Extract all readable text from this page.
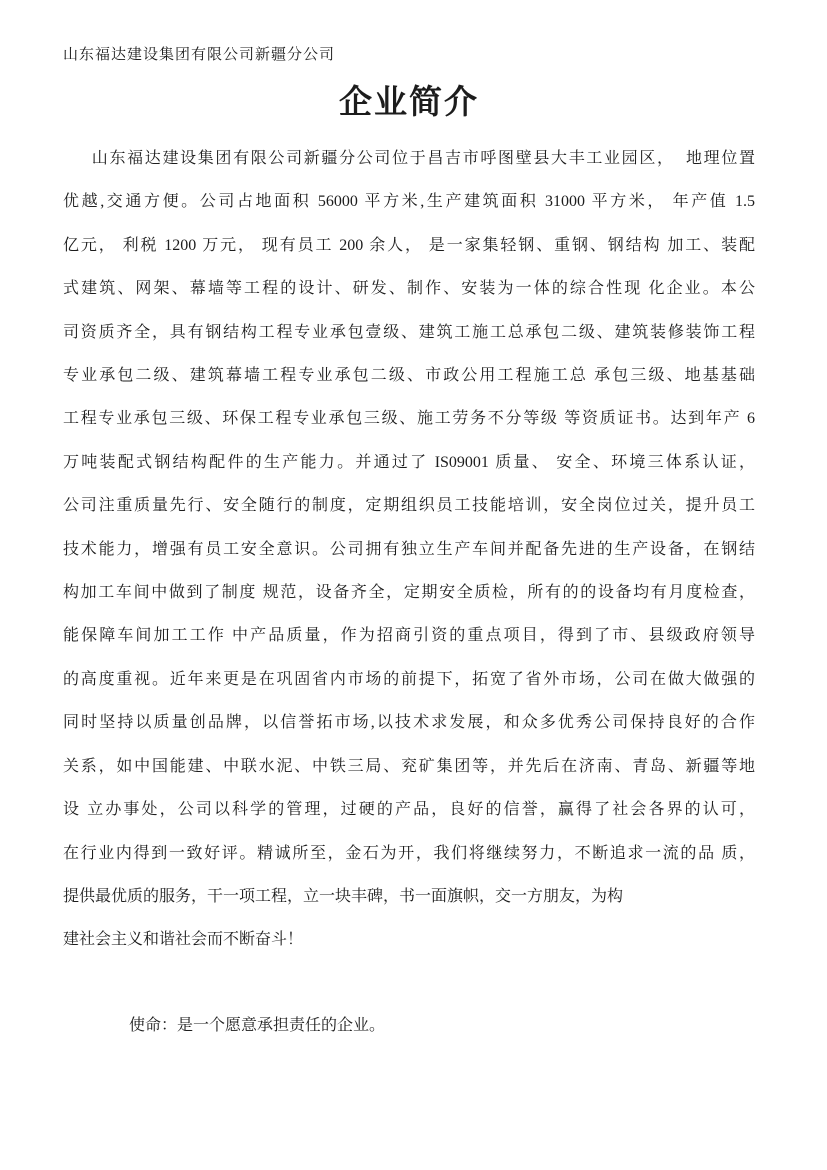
山东福达建设集团有限公司新疆分公司
企业简介
山东福达建设集团有限公司新疆分公司位于昌吉市呼图壁县大丰工业园区，  地理位置
优越,交通方便。公司占地面积 56000 平方米,生产建筑面积 31000 平方米， 年产值 1.5
亿元， 利税 1200 万元， 现有员工 200 余人， 是一家集轻钢、重钢、钢结构 加工、装配
式建筑、网架、幕墙等工程的设计、研发、制作、安装为一体的综合性现 化企业。本公
司资质齐全，具有钢结构工程专业承包壹级、建筑工施工总承包二级、建筑装修装饰工程
专业承包二级、建筑幕墙工程专业承包二级、市政公用工程施工总 承包三级、地基基础
工程专业承包三级、环保工程专业承包三级、施工劳务不分等级 等资质证书。达到年产 6
万吨装配式钢结构配件的生产能力。并通过了 IS09001 质量、 安全、环境三体系认证，
公司注重质量先行、安全随行的制度，定期组织员工技能培训，安全岗位过关，提升员工
技术能力，增强有员工安全意识。公司拥有独立生产车间并配备先进的生产设备，在钢结
构加工车间中做到了制度 规范，设备齐全，定期安全质检，所有的的设备均有月度检查，
能保障车间加工工作 中产品质量，作为招商引资的重点项目，得到了市、县级政府领导
的高度重视。近年来更是在巩固省内市场的前提下，拓宽了省外市场，公司在做大做强的
同时坚持以质量创品牌，以信誉拓市场,以技术求发展，和众多优秀公司保持良好的合作
关系，如中国能建、中联水泥、中铁三局、兖矿集团等，并先后在济南、青岛、新疆等地
设 立办事处，公司以科学的管理，过硬的产品，良好的信誉，赢得了社会各界的认可，
在行业内得到一致好评。精诚所至，金石为开，我们将继续努力，不断追求一流的品 质，
提供最优质的服务，干一项工程，立一块丰碑，书一面旗帜，交一方朋友，为构
建社会主义和谐社会而不断奋斗！
使命：是一个愿意承担责任的企业。
